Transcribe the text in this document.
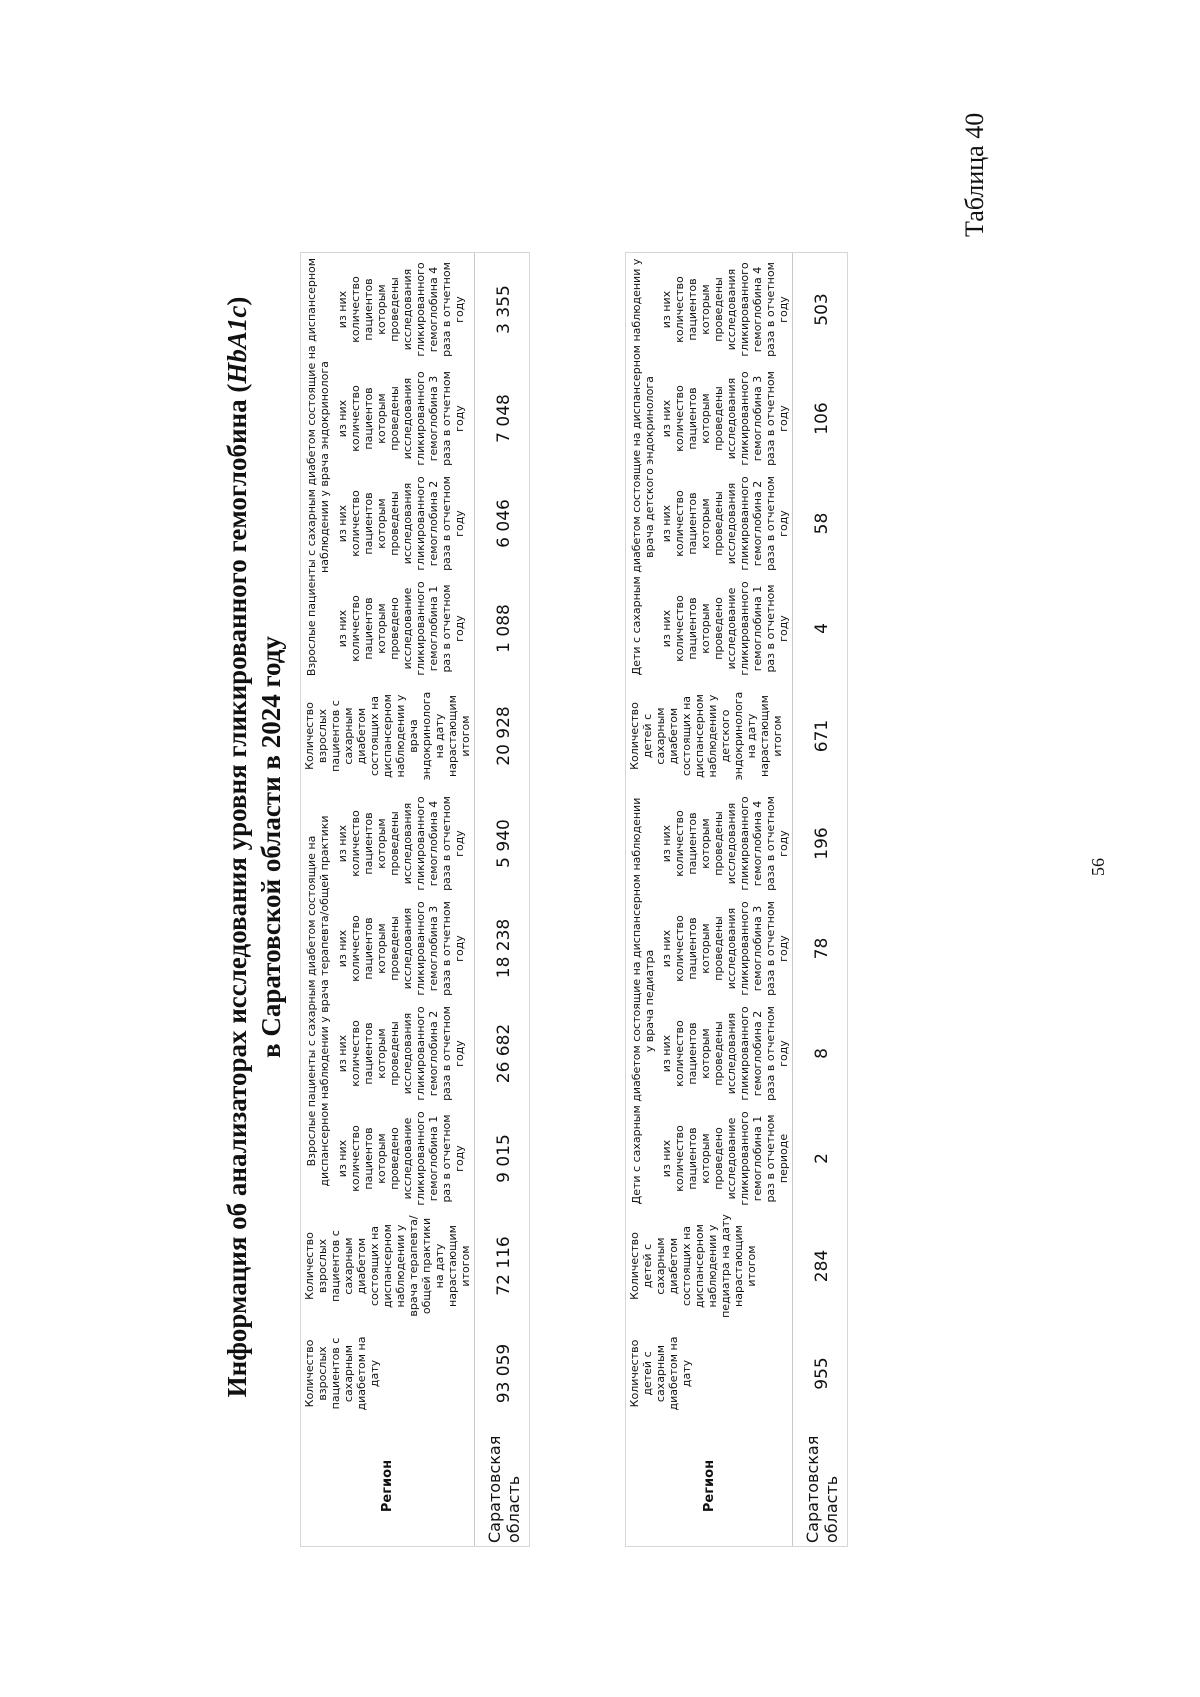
56
Таблица 40
Информация об анализаторах исследования уровня гликированного гемоглобина (HbA1c)
в Саратовской области в 2024 году
Регион	Количество взрослых пациентов с сахарным диабетом на дату	Количество взрослых пациентов с сахарным диабетом состоящих на диспансерном наблюдении у врача терапевта/ общей практики на дату нарастающим итогом	Взрослые пациенты с сахарным диабетом состоящие на диспансерном наблюдении у врача терапевта/общей практики				Количество взрослых пациентов с сахарным диабетом состоящих на диспансерном наблюдении у врача эндокринолога на дату нарастающим итогом	Взрослые пациенты с сахарным диабетом состоящие на диспансерном наблюдении у врача эндокринолога			
			из них количество пациентов которым проведено исследование гликированного гемоглобина 1 раз в отчетном году	из них количество пациентов которым проведены исследования гликированного гемоглобина 2 раза в отчетном году	из них количество пациентов которым проведены исследования гликированного гемоглобина 3 раза в отчетном году	из них количество пациентов которым проведены исследования гликированного гемоглобина 4 раза в отчетном году		из них количество пациентов которым проведено исследование гликированного гемоглобина 1 раз в отчетном году	из них количество пациентов которым проведены исследования гликированного гемоглобина 2 раза в отчетном году	из них количество пациентов которым проведены исследования гликированного гемоглобина 3 раза в отчетном году	из них количество пациентов которым проведены исследования гликированного гемоглобина 4 раза в отчетном году
Саратовская область	93 059	72 116	9 015	26 682	18 238	5 940	20 928	1 088	6 046	7 048	3 355
Регион	Количество детей с сахарным диабетом на дату	Количество детей с сахарным диабетом состоящих на диспансерном наблюдении у педиатра на дату нарастающим итогом	Дети с сахарным диабетом состоящие на диспансерном наблюдении у врача педиатра				Количество детей с сахарным диабетом состоящих на диспансерном наблюдении у детского эндокринолога на дату нарастающим итогом	Дети с сахарным диабетом состоящие на диспансерном наблюдении у врача детского эндокринолога			
			из них количество пациентов которым проведено исследование гликированного гемоглобина 1 раз в отчетном периоде	из них количество пациентов которым проведены исследования гликированного гемоглобина 2 раза в отчетном году	из них количество пациентов которым проведены исследования гликированного гемоглобина 3 раза в отчетном году	из них количество пациентов которым проведены исследования гликированного гемоглобина 4 раза в отчетном году		из них количество пациентов которым проведено исследование гликированного гемоглобина 1 раз в отчетном году	из них количество пациентов которым проведены исследования гликированного гемоглобина 2 раза в отчетном году	из них количество пациентов которым проведены исследования гликированного гемоглобина 3 раза в отчетном году	из них количество пациентов которым проведены исследования гликированного гемоглобина 4 раза в отчетном году
Саратовская область	955	284	2	8	78	196	671	4	58	106	503
